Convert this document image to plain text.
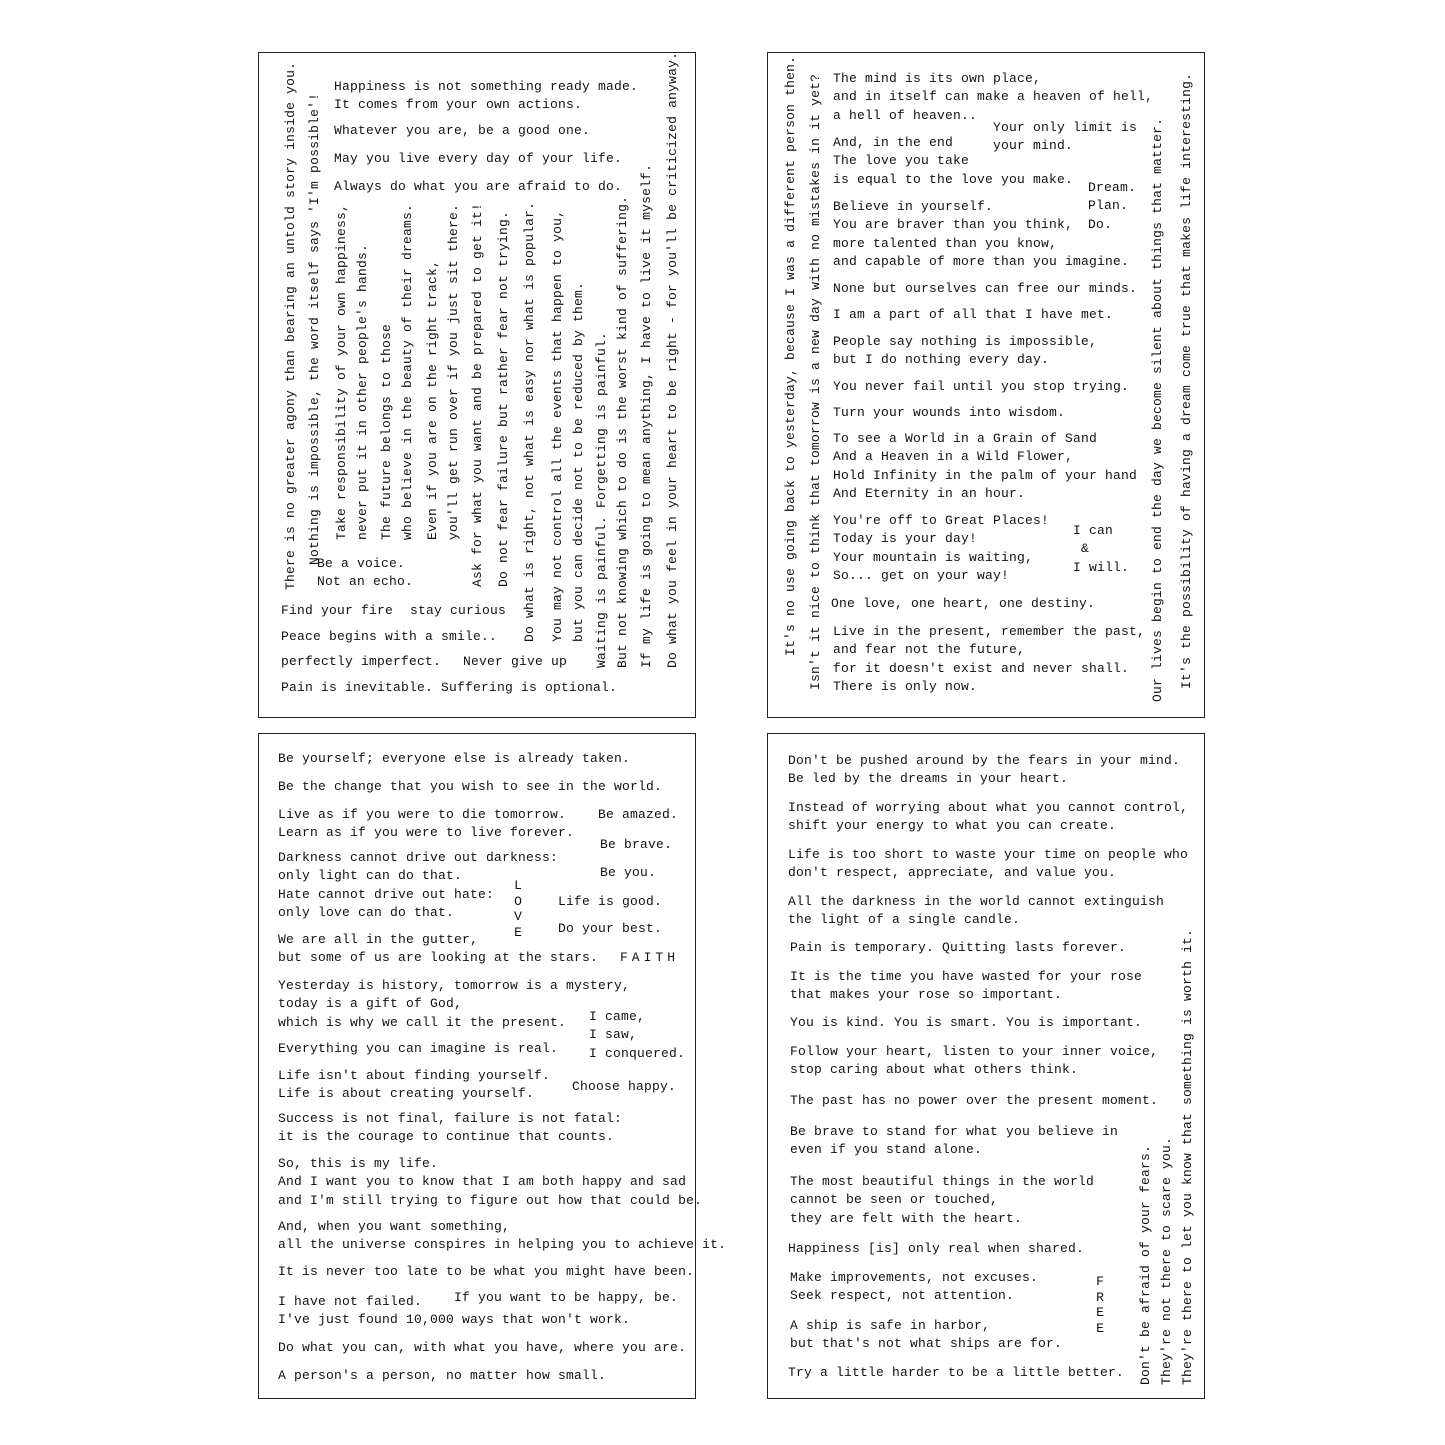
There is no greater agony than bearing an untold story inside you. Nothing is impossible, the word itself says 'I'm possible'! Take responsibility of your own happiness,
never put it in other people's hands.
The future belongs to those
who believe in the beauty of their dreams.
Even if you are on the right track,
you'll get run over if you just sit there. Ask for what you want and be prepared to get it! Do not fear failure but rather fear not trying. Do what is right, not what is easy nor what is popular. You may not control all the events that happen to you,
but you can decide not to be reduced by them.
Waiting is painful. Forgetting is painful.
But not knowing which to do is the worst kind of suffering. If my life is going to mean anything, I have to live it myself. Do what you feel in your heart to be right - for you'll be criticized anyway.
Happiness is not something ready made.
It comes from your own actions.
Whatever you are, be a good one.
May you live every day of your life.
Always do what you are afraid to do.
Be a voice.
Not an echo.
Find your fire stay curious
Peace begins with a smile..
perfectly imperfect. Never give up
Pain is inevitable. Suffering is optional.
It's no use going back to yesterday, because I was a different person then. Isn't it nice to think that tomorrow is a new day with no mistakes in it yet?	Our lives begin to end the day we become silent about things that matter. It's the possibility of having a dream come true that makes life interesting.
The mind is its own place,
and in itself can make a heaven of hell,
a hell of heaven..
Your only limit is
your mind.
And, in the end
The love you take
is equal to the love you make.
Dream.
Plan.
Do.
Believe in yourself.
You are braver than you think,
more talented than you know,
and capable of more than you imagine.
None but ourselves can free our minds.
I am a part of all that I have met.
People say nothing is impossible,
but I do nothing every day.
You never fail until you stop trying.
Turn your wounds into wisdom.
To see a World in a Grain of Sand
And a Heaven in a Wild Flower,
Hold Infinity in the palm of your hand
And Eternity in an hour.
You're off to Great Places!
Today is your day!
Your mountain is waiting,
So... get on your way!
I can
&
I will.
One love, one heart, one destiny.
Live in the present, remember the past,
and fear not the future,
for it doesn't exist and never shall.
There is only now.
Be yourself; everyone else is already taken.
Be the change that you wish to see in the world.
Live as if you were to die tomorrow.
Learn as if you were to live forever.
Be amazed.
Be brave.
Be you.
Darkness cannot drive out darkness:
only light can do that.
Hate cannot drive out hate:
only love can do that.
LOVE
Life is good.
Do your best.
We are all in the gutter,
but some of us are looking at the stars. FAITH
Yesterday is history, tomorrow is a mystery,
today is a gift of God,
which is why we call it the present.	I came,
I saw,
I conquered.
Everything you can imagine is real.
Life isn't about finding yourself.
Life is about creating yourself.	Choose happy.
Success is not final, failure is not fatal:
it is the courage to continue that counts.
So, this is my life.
And I want you to know that I am both happy and sad
and I'm still trying to figure out how that could be.
And, when you want something,
all the universe conspires in helping you to achieve it.
It is never too late to be what you might have been.
If you want to be happy, be.
I have not failed.
I've just found 10,000 ways that won't work.
Do what you can, with what you have, where you are.
A person's a person, no matter how small.
Don't be pushed around by the fears in your mind.
Be led by the dreams in your heart.
Instead of worrying about what you cannot control,
shift your energy to what you can create.
Life is too short to waste your time on people who
don't respect, appreciate, and value you.
All the darkness in the world cannot extinguish
the light of a single candle.
Pain is temporary. Quitting lasts forever.
It is the time you have wasted for your rose
that makes your rose so important.
You is kind. You is smart. You is important.
Follow your heart, listen to your inner voice,
stop caring about what others think.
The past has no power over the present moment.
Be brave to stand for what you believe in
even if you stand alone.
The most beautiful things in the world
cannot be seen or touched,
they are felt with the heart.
Happiness [is] only real when shared.
Make improvements, not excuses.
Seek respect, not attention.
FREE
A ship is safe in harbor,
but that's not what ships are for.
Try a little harder to be a little better. Don't be afraid of your fears.
They're not there to scare you.
They're there to let you know that something is worth it.
